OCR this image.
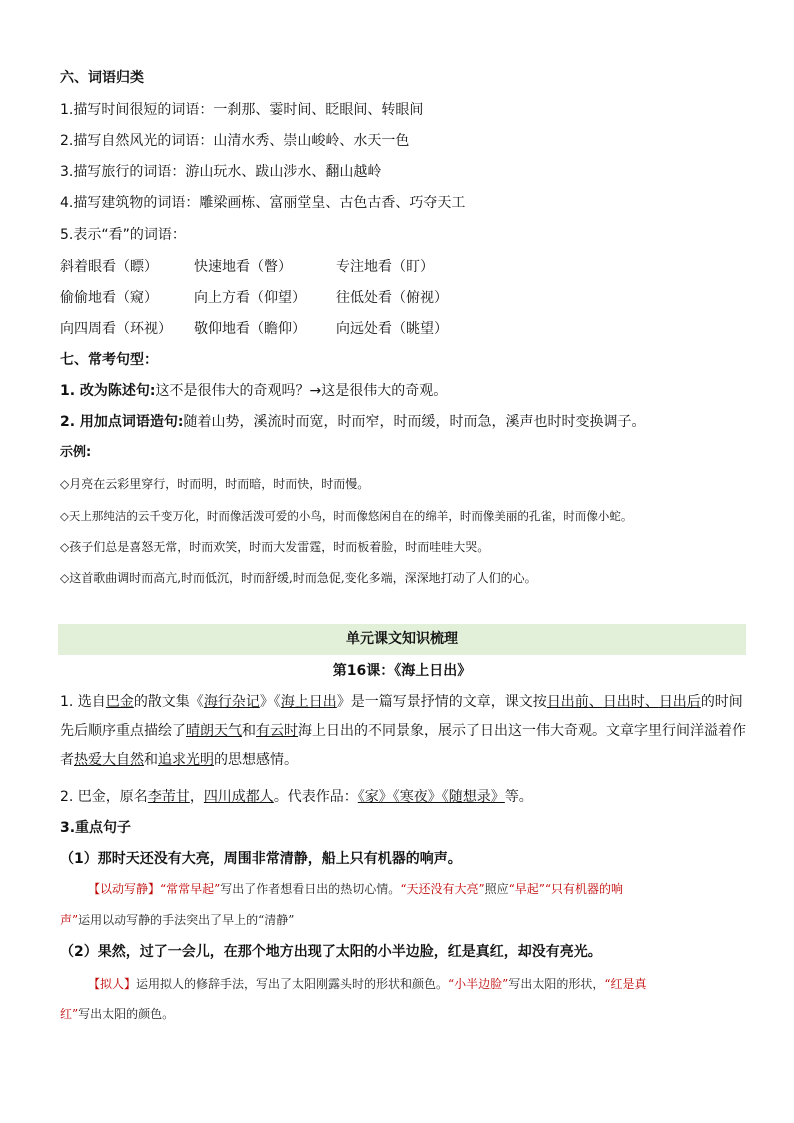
六、词语归类
1.描写时间很短的词语：一刹那、霎时间、眨眼间、转眼间
2.描写自然风光的词语：山清水秀、崇山峻岭、水天一色
3.描写旅行的词语：游山玩水、跋山涉水、翻山越岭
4.描写建筑物的词语：雕梁画栋、富丽堂皇、古色古香、巧夺天工
5.表示“看”的词语：
斜着眼看（瞟）	快速地看（瞥）	专注地看（盯）
偷偷地看（窥）	向上方看（仰望） 往低处看（俯视）
向四周看（环视） 敬仰地看（瞻仰） 向远处看（眺望）
七、常考句型：
1. 改为陈述句:这不是很伟大的奇观吗？→这是很伟大的奇观。
2. 用加点词语造句:随着山势，溪流时而宽，时而窄，时而缓，时而急，溪声也时时变换调子。
示例:
◇月亮在云彩里穿行，时而明，时而暗，时而快，时而慢。
◇天上那纯洁的云千变万化，时而像活泼可爱的小鸟，时而像悠闲自在的绵羊，时而像美丽的孔雀，时而像小蛇。
◇孩子们总是喜怒无常，时而欢笑，时而大发雷霆，时而板着脸，时而哇哇大哭。
◇这首歌曲调时而高亢,时而低沉，时而舒缓,时而急促,变化多端，深深地打动了人们的心。
单元课文知识梳理
第16课：《海上日出》
1. 选自巴金的散文集《海行杂记》《海上日出》是一篇写景抒情的文章，课文按日出前、日出时、日出后的时间
先后顺序重点描绘了晴朗天气和有云时海上日出的不同景象，展示了日出这一伟大奇观。文章字里行间洋溢着作
者热爱大自然和追求光明的思想感情。
2. 巴金，原名李芾甘，四川成都人。代表作品：《家》《寒夜》《随想录》等。
3.重点句子
（1）那时天还没有大亮，周围非常清静，船上只有机器的响声。
【以动写静】“常常早起”写出了作者想看日出的热切心情。“天还没有大亮”照应“早起”“只有机器的响
声”运用以动写静的手法突出了早上的“清静”
（2）果然，过了一会儿，在那个地方出现了太阳的小半边脸，红是真红，却没有亮光。
【拟人】运用拟人的修辞手法，写出了太阳刚露头时的形状和颜色。“小半边脸”写出太阳的形状，“红是真
红”写出太阳的颜色。
